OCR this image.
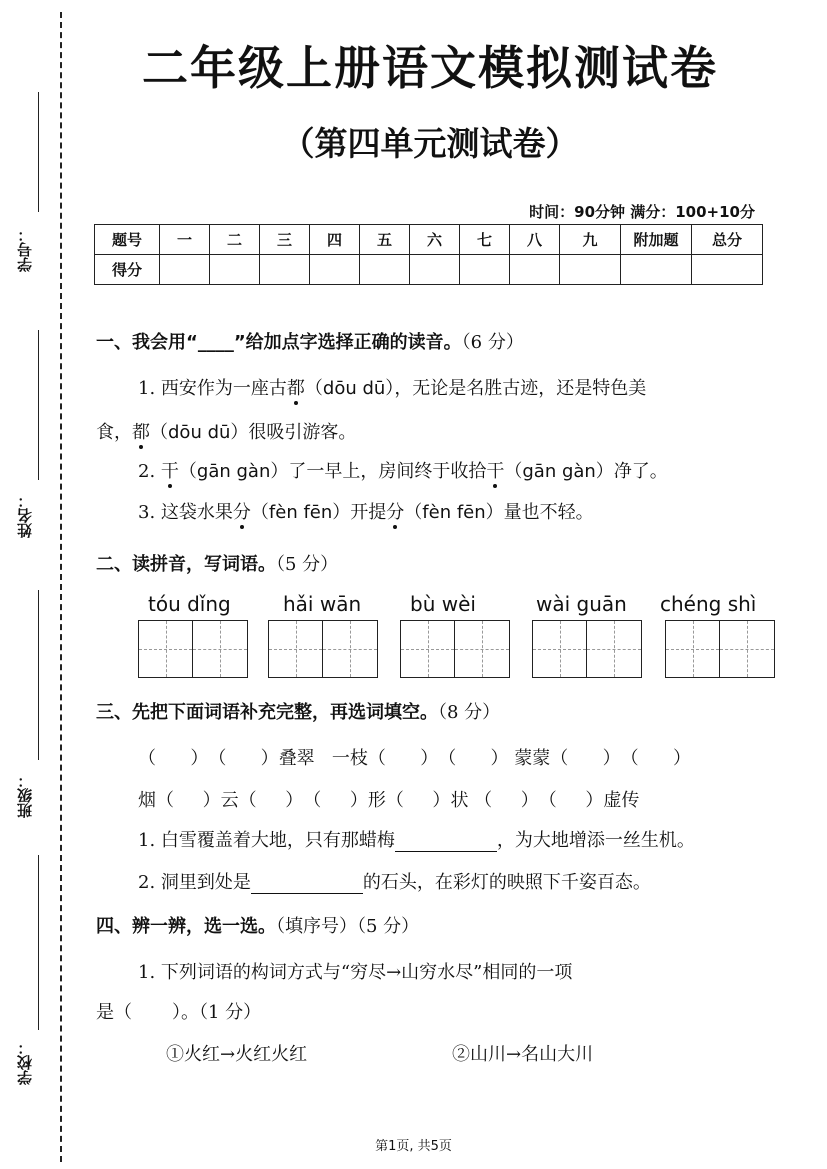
学号：
姓名：
班级：
学校：
二年级上册语文模拟测试卷
（第四单元测试卷）
时间：90分钟 满分：100+10分
题号	一	二	三	四	五	六	七	八	九	附加题	总分
得分											
一、我会用“____”给加点字选择正确的读音。（6 分）
1. 西安作为一座古都（dōu dū），无论是名胜古迹，还是特色美
食，都（dōu dū）很吸引游客。
2. 干（gān gàn）了一早上，房间终于收拾干（gān gàn）净了。
3. 这袋水果分（fèn fēn）开提分（fèn fēn）量也不轻。
二、读拼音，写词语。（5 分）
tóu dǐng	hǎi wān bù wèi	wài guān chéng shì
三、先把下面词语补充完整，再选词填空。（8 分）
（      ）（      ）叠翠 一枝（      ）（      ） 蒙蒙（      ）（      ）
烟（     ）云（     ）（     ）形（     ）状 （     ）（     ）虚传
1. 白雪覆盖着大地，只有那蜡梅	，为大地增添一丝生机。
2. 洞里到处是	的石头，在彩灯的映照下千姿百态。
四、辨一辨，选一选。（填序号）（5 分）
1. 下列词语的构词方式与“穷尽→山穷水尽”相同的一项
是（ ）。（1 分）
①火红→火红火红	②山川→名山大川
第1页, 共5页
